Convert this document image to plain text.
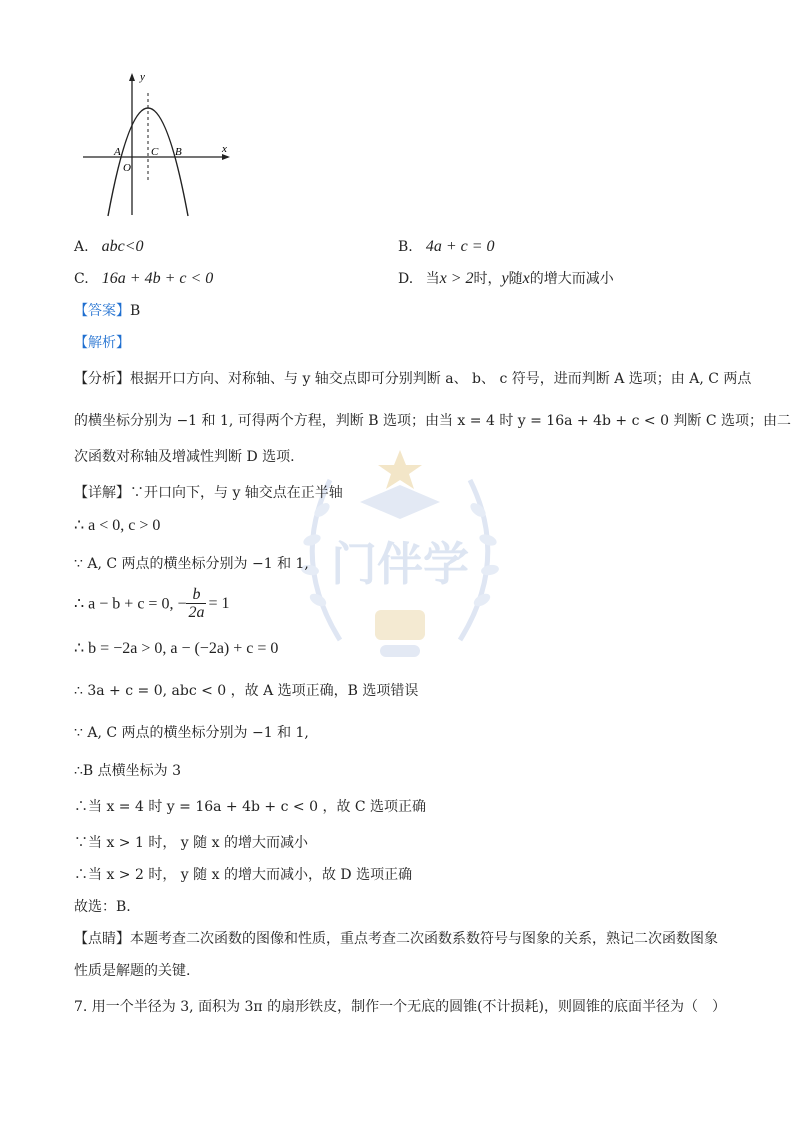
y
x
A
O
C B
门伴学
A. abc<0	B. 4a + c = 0
C. 16a + 4b + c < 0	D. 当x > 2时，y随x的增大而减小
【答案】B
【解析】
【分析】根据开口方向、对称轴、与 y 轴交点即可分别判断 a、 b、 c 符号，进而判断 A 选项；由 A, C 两点
的横坐标分别为 −1 和 1, 可得两个方程，判断 B 选项；由当 x = 4 时 y = 16a + 4b + c < 0 判断 C 选项；由二
次函数对称轴及增减性判断 D 选项.
【详解】∵开口向下，与 y 轴交点在正半轴
∴ a < 0, c > 0
∵ A, C 两点的横坐标分别为 −1 和 1,
∴ a − b + c = 0, − $\frac{b}{2a} = 1$
∴ b = −2a > 0, a − (−2a) + c = 0
∴ 3a + c = 0, abc < 0 ，故 A 选项正确，B 选项错误
∵ A, C 两点的横坐标分别为 −1 和 1,
∴B 点横坐标为 3
∴当 x = 4 时 y = 16a + 4b + c < 0 ，故 C 选项正确
∵当 x > 1 时， y 随 x 的增大而减小
∴当 x > 2 时， y 随 x 的增大而减小，故 D 选项正确
故选：B.
【点睛】本题考查二次函数的图像和性质，重点考查二次函数系数符号与图象的关系，熟记二次函数图象
性质是解题的关键.
7. 用一个半径为 3, 面积为 3π 的扇形铁皮，制作一个无底的圆锥(不计损耗)，则圆锥的底面半径为（　）
